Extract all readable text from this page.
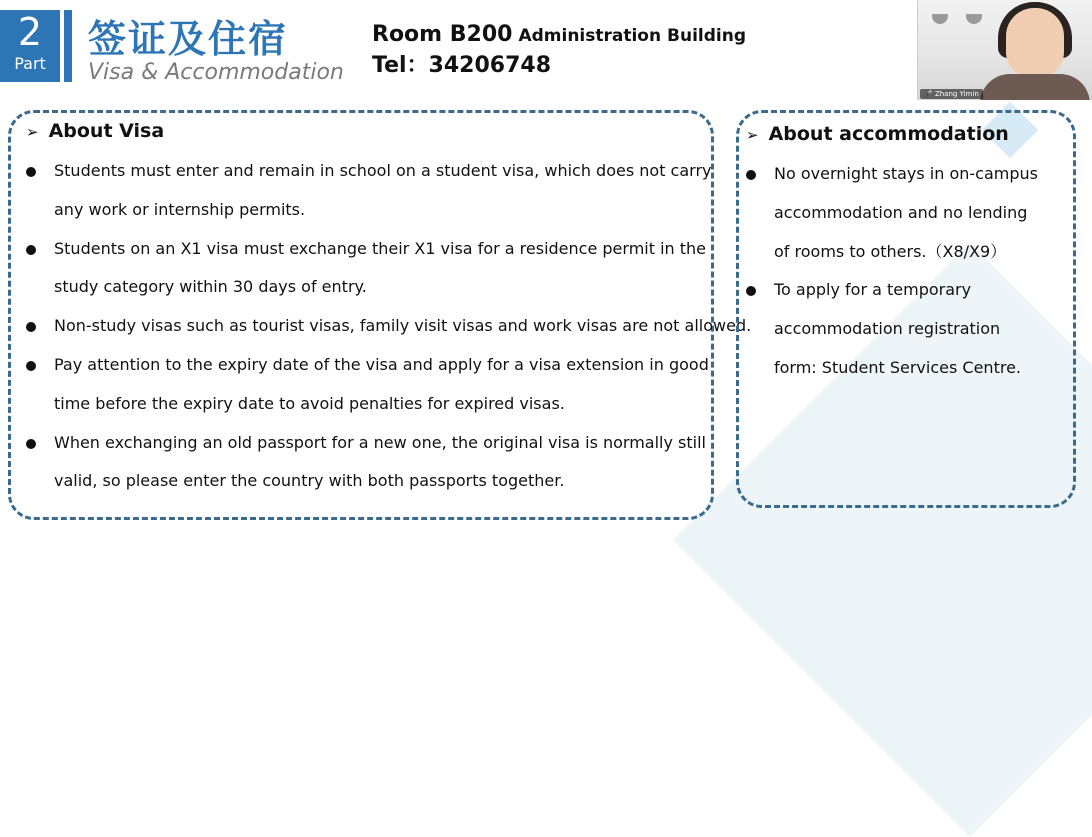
2
Part
签证及住宿
Visa & Accommodation
Room B200 Administration Building
Tel：34206748
🎤 Zhang Yimin
➢ About Visa
Students must enter and remain in school on a student visa, which does not carry any work or internship permits.
Students on an X1 visa must exchange their X1 visa for a residence permit in the study category within 30 days of entry.
Non-study visas such as tourist visas, family visit visas and work visas are not allowed.
Pay attention to the expiry date of the visa and apply for a visa extension in good time before the expiry date to avoid penalties for expired visas.
When exchanging an old passport for a new one, the original visa is normally still valid, so please enter the country with both passports together.
➢ About accommodation
No overnight stays in on-campus accommodation and no lending of rooms to others.（X8/X9）
To apply for a temporary accommodation registration form: Student Services Centre.
